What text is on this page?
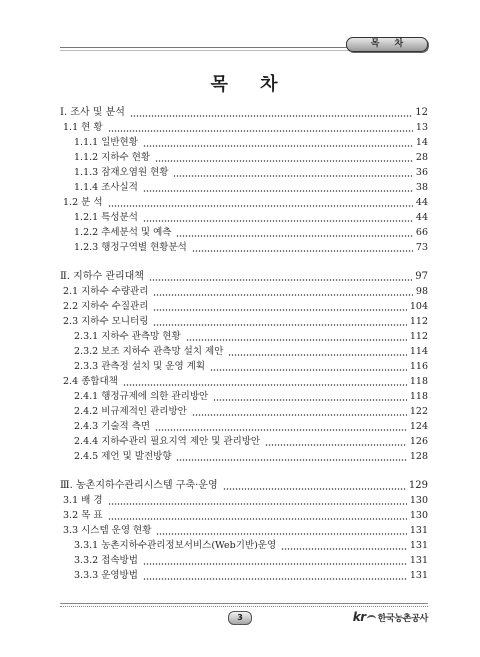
목 차
목 차
Ⅰ. 조사 및 분석	12
1.1 현 황	13
1.1.1 일반현황	14
1.1.2 지하수 현황	28
1.1.3 잠재오염원 현황	36
1.1.4 조사실적	38
1.2 분 석	44
1.2.1 특성분석	44
1.2.2 추세분석 및 예측	66
1.2.3 행정구역별 현황분석	73
Ⅱ. 지하수 관리대책	97
2.1 지하수 수량관리	98
2.2 지하수 수질관리	104
2.3 지하수 모니터링	112
2.3.1 지하수 관측망 현황	112
2.3.2 보조 지하수 관측망 설치 제안	114
2.3.3 관측정 설치 및 운영 계획	116
2.4 종합대책	118
2.4.1 행정규제에 의한 관리방안	118
2.4.2 비규제적인 관리방안	122
2.4.3 기술적 측면	124
2.4.4 지하수관리 필요지역 제안 및 관리방안	126
2.4.5 제언 및 발전방향	128
Ⅲ. 농촌지하수관리시스템 구축·운영	129
3.1 배 경	130
3.2 목 표	130
3.3 시스템 운영 현황	131
3.3.1 농촌지하수관리정보서비스(Web기반)운영	131
3.3.2 접속방법	131
3.3.3 운영방법	131
3	kr 한국농촌공사
